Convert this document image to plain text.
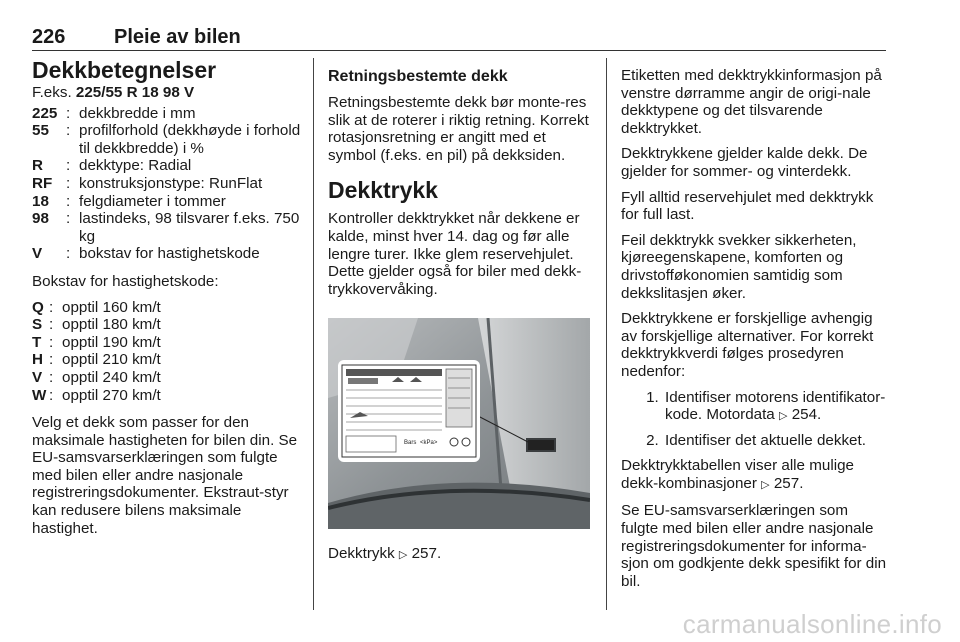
226 Pleie av bilen
Dekkbetegnelser

F.eks. 225/55 R 18 98 V

225 : dekkbredde i mm
55	: profilforhold (dekkhøyde i forhold til dekkbredde) i %
R	: dekktype: Radial
RF : konstruksjonstype: RunFlat
18	: felgdiameter i tommer
98	: lastindeks, 98 tilsvarer f.eks. 750 kg
V	: bokstav for hastighetskode

Bokstav for hastighetskode:

Q : opptil 160 km/t
S : opptil 180 km/t
T : opptil 190 km/t
H : opptil 210 km/t
V : opptil 240 km/t
W : opptil 270 km/t

Velg et dekk som passer for den maksimale hastigheten for bilen din. Se EU-samsvarserklæringen som fulgte med bilen eller andre nasjonale registreringsdokumenter. Ekstraut-styr kan redusere bilens maksimale hastighet.

Retningsbestemte dekk

Retningsbestemte dekk bør monte-res slik at de roterer i riktig retning. Korrekt rotasjonsretning er angitt med et symbol (f.eks. en pil) på dekksiden.

Dekktrykk

Kontroller dekktrykket når dekkene er kalde, minst hver 14. dag og før alle lengre turer. Ikke glem reservehjulet. Dette gjelder også for biler med dekk-trykkovervåking.

Bars <kPa>
Dekktrykk ▷ 257.

Etiketten med dekktrykkinformasjon på venstre dørramme angir de origi-nale dekktypene og det tilsvarende dekktrykket.

Dekktrykkene gjelder kalde dekk. De gjelder for sommer- og vinterdekk.

Fyll alltid reservehjulet med dekktrykk for full last.

Feil dekktrykk svekker sikkerheten, kjøreegenskapene, komforten og drivstofføkonomien samtidig som dekkslitasjen øker.

Dekktrykkene er forskjellige avhengig av forskjellige alternativer. For korrekt dekktrykkverdi følges prosedyren nedenfor:

1. Identifiser motorens identifikator-kode. Motordata ▷ 254.
2. Identifiser det aktuelle dekket.

Dekktrykktabellen viser alle mulige dekk-kombinasjoner ▷ 257.

Se EU-samsvarserklæringen som fulgte med bilen eller andre nasjonale registreringsdokumenter for informa-sjon om godkjente dekk spesifikt for din bil.

carmanualsonline.info
